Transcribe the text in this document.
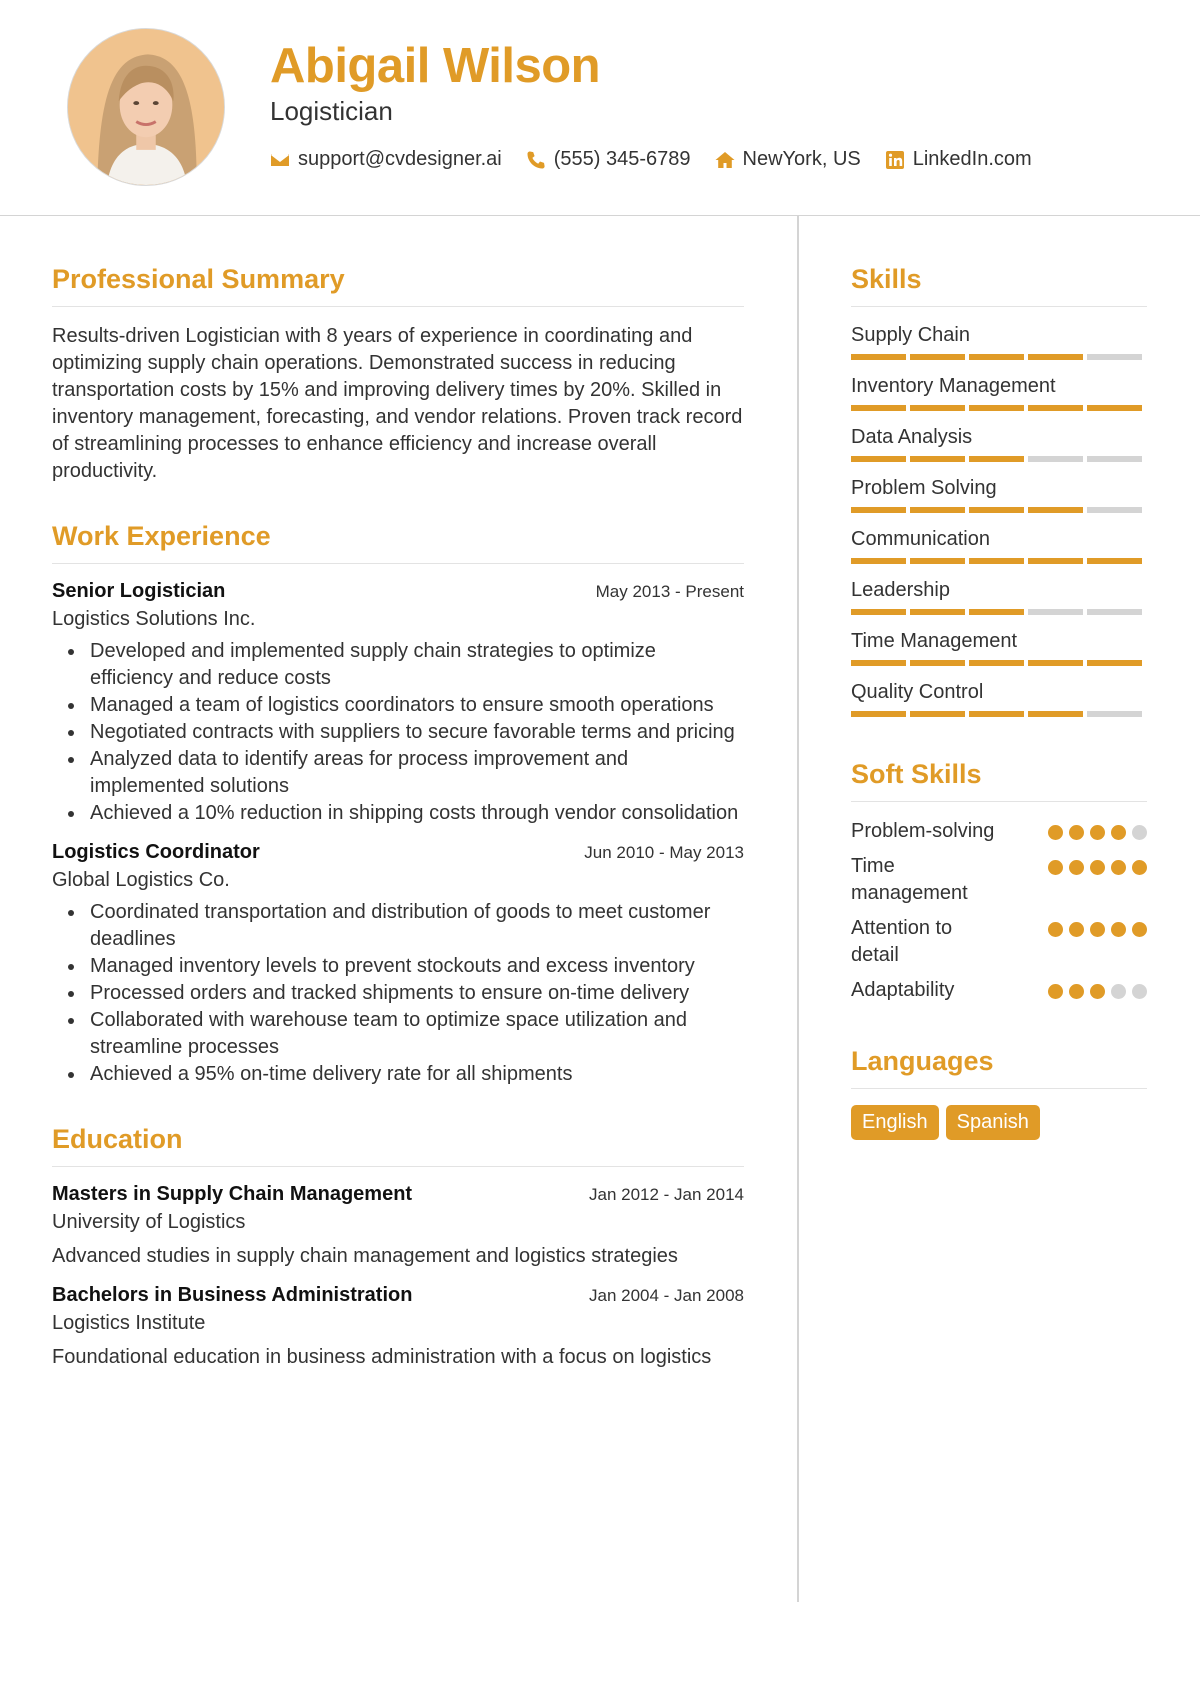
Abigail Wilson
Logistician
support@cvdesigner.ai	(555) 345-6789	NewYork, US	LinkedIn.com
Professional Summary

Results-driven Logistician with 8 years of experience in coordinating and optimizing supply chain operations. Demonstrated success in reducing transportation costs by 15% and improving delivery times by 20%. Skilled in inventory management, forecasting, and vendor relations. Proven track record of streamlining processes to enhance efficiency and increase overall productivity.

Work Experience
Senior Logistician	May 2013 - Present
Logistics Solutions Inc.
Developed and implemented supply chain strategies to optimize efficiency and reduce costs
Managed a team of logistics coordinators to ensure smooth operations
Negotiated contracts with suppliers to secure favorable terms and pricing
Analyzed data to identify areas for process improvement and implemented solutions
Achieved a 10% reduction in shipping costs through vendor consolidation
Logistics Coordinator	Jun 2010 - May 2013
Global Logistics Co.
Coordinated transportation and distribution of goods to meet customer deadlines
Managed inventory levels to prevent stockouts and excess inventory
Processed orders and tracked shipments to ensure on-time delivery
Collaborated with warehouse team to optimize space utilization and streamline processes
Achieved a 95% on-time delivery rate for all shipments
Education
Masters in Supply Chain Management	Jan 2012 - Jan 2014
University of Logistics

Advanced studies in supply chain management and logistics strategies

Bachelors in Business Administration	Jan 2004 - Jan 2008
Logistics Institute

Foundational education in business administration with a focus on logistics

Skills
Supply Chain
Inventory Management
Data Analysis
Problem Solving
Communication
Leadership
Time Management
Quality Control
Soft Skills
Problem-solving
Time management
Attention to detail
Adaptability
Languages
English	Spanish
